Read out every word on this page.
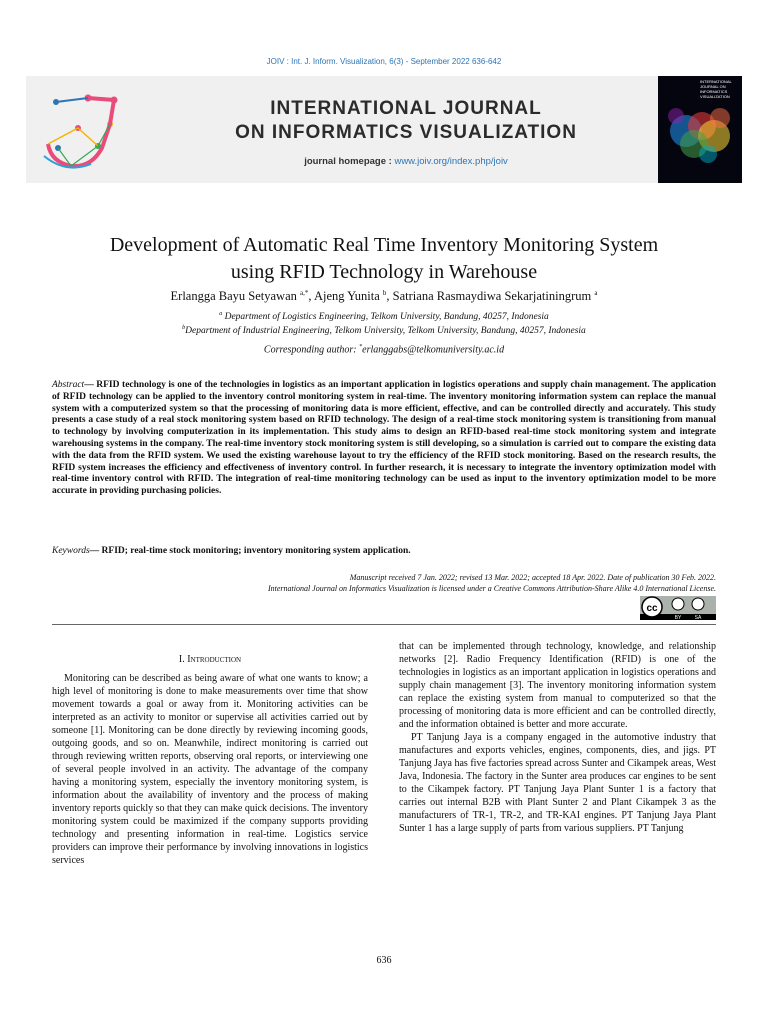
JOIV : Int. J. Inform. Visualization, 6(3) - September 2022 636-642
INTERNATIONAL JOURNAL
ON INFORMATICS VISUALIZATION
journal homepage : www.joiv.org/index.php/joiv
INTERNATIONAL JOURNAL ON INFORMATICS VISUALIZATION
Development of Automatic Real Time Inventory Monitoring System
using RFID Technology in Warehouse
Erlangga Bayu Setyawan $^{a,*}$, Ajeng Yunita $^b$, Satriana Rasmaydiwa Sekarjatiningrum $^a$
$^a$ Department of Logistics Engineering, Telkom University, Bandung, 40257, Indonesia
$^b$Department of Industrial Engineering, Telkom University, Telkom University, Bandung, 40257, Indonesia
Corresponding author: *erlanggabs@telkomuniversity.ac.id
Abstract— RFID technology is one of the technologies in logistics as an important application in logistics operations and supply chain management. The application of RFID technology can be applied to the inventory control monitoring system in real-time. The inventory monitoring information system can replace the manual system with a computerized system so that the processing of monitoring data is more efficient, effective, and can be controlled directly and accurately. This study presents a case study of a real stock monitoring system based on RFID technology. The design of a real-time stock monitoring system is transitioning from manual to technology by involving computerization in its implementation. This study aims to design an RFID-based real-time stock monitoring system and integrate warehousing systems in the company. The real-time inventory stock monitoring system is still developing, so a simulation is carried out to compare the existing data with the data from the RFID system. We used the existing warehouse layout to try the efficiency of the RFID stock monitoring. Based on the research results, the RFID system increases the efficiency and effectiveness of inventory control. In further research, it is necessary to integrate the inventory optimization model with real-time inventory control with RFID. The integration of real-time monitoring technology can be used as input to the inventory optimization model to be more accurate in providing purchasing policies.
Keywords— RFID; real-time stock monitoring; inventory monitoring system application.
Manuscript received 7 Jan. 2022; revised 13 Mar. 2022; accepted 18 Apr. 2022. Date of publication 30 Feb. 2022.
International Journal on Informatics Visualization is licensed under a Creative Commons Attribution-Share Alike 4.0 International License.
cc
BY	SA
I. Introduction

Monitoring can be described as being aware of what one wants to know; a high level of monitoring is done to make measurements over time that show movement towards a goal or away from it. Monitoring activities can be interpreted as an activity to monitor or supervise all activities carried out by someone [1]. Monitoring can be done directly by reviewing incoming goods, outgoing goods, and so on. Meanwhile, indirect monitoring is carried out through reviewing written reports, observing oral reports, or interviewing one of several people involved in an activity. The advantage of the company having a monitoring system, especially the inventory monitoring system, is information about the availability of inventory and the process of making inventory reports quickly so that they can make quick decisions. The inventory monitoring system could be maximized if the company supports providing technology and presenting information in real-time. Logistics service providers can improve their performance by involving innovations in logistics services

that can be implemented through technology, knowledge, and relationship networks [2]. Radio Frequency Identification (RFID) is one of the technologies in logistics as an important application in logistics operations and supply chain management [3]. The inventory monitoring information system can replace the existing system from manual to computerized so that the processing of monitoring data is more efficient and can be controlled directly, and the information obtained is better and more accurate.

PT Tanjung Jaya is a company engaged in the automotive industry that manufactures and exports vehicles, engines, components, dies, and jigs. PT Tanjung Jaya has five factories spread across Sunter and Cikampek areas, West Java, Indonesia. The factory in the Sunter area produces car engines to be sent to the Cikampek factory. PT Tanjung Jaya Plant Sunter 1 is a factory that carries out internal B2B with Plant Sunter 2 and Plant Cikampek 3 as the manufacturers of TR-1, TR-2, and TR-KAI engines. PT Tanjung Jaya Plant Sunter 1 has a large supply of parts from various suppliers. PT Tanjung

636
